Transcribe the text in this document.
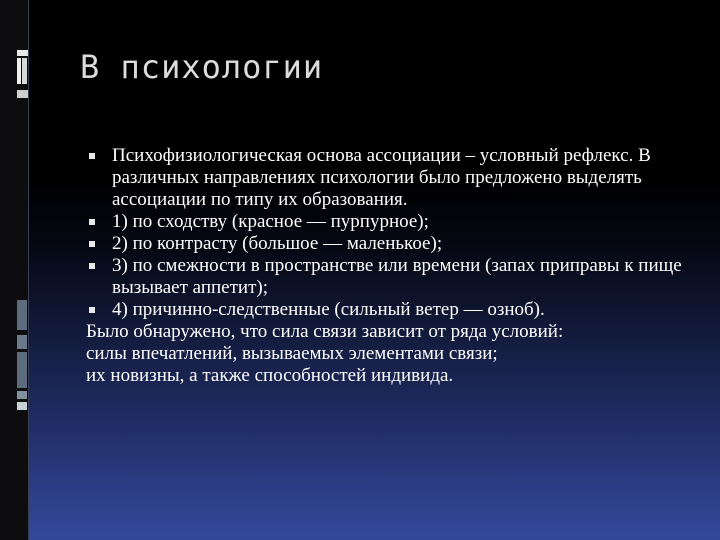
В психологии

Психофизиологическая основа ассоциации – условный рефлекс. В различных направлениях психологии было предложено выделять ассоциации по типу их образования.

1) по сходству (красное — пурпурное);

2) по контрасту (большое — маленькое);

3) по смежности в пространстве или времени (запах приправы к пище вызывает аппетит);

4) причинно-следственные (сильный ветер — озноб).

Было обнаружено, что сила связи зависит от ряда условий:

силы впечатлений, вызываемых элементами связи;

их новизны, а также способностей индивида.
